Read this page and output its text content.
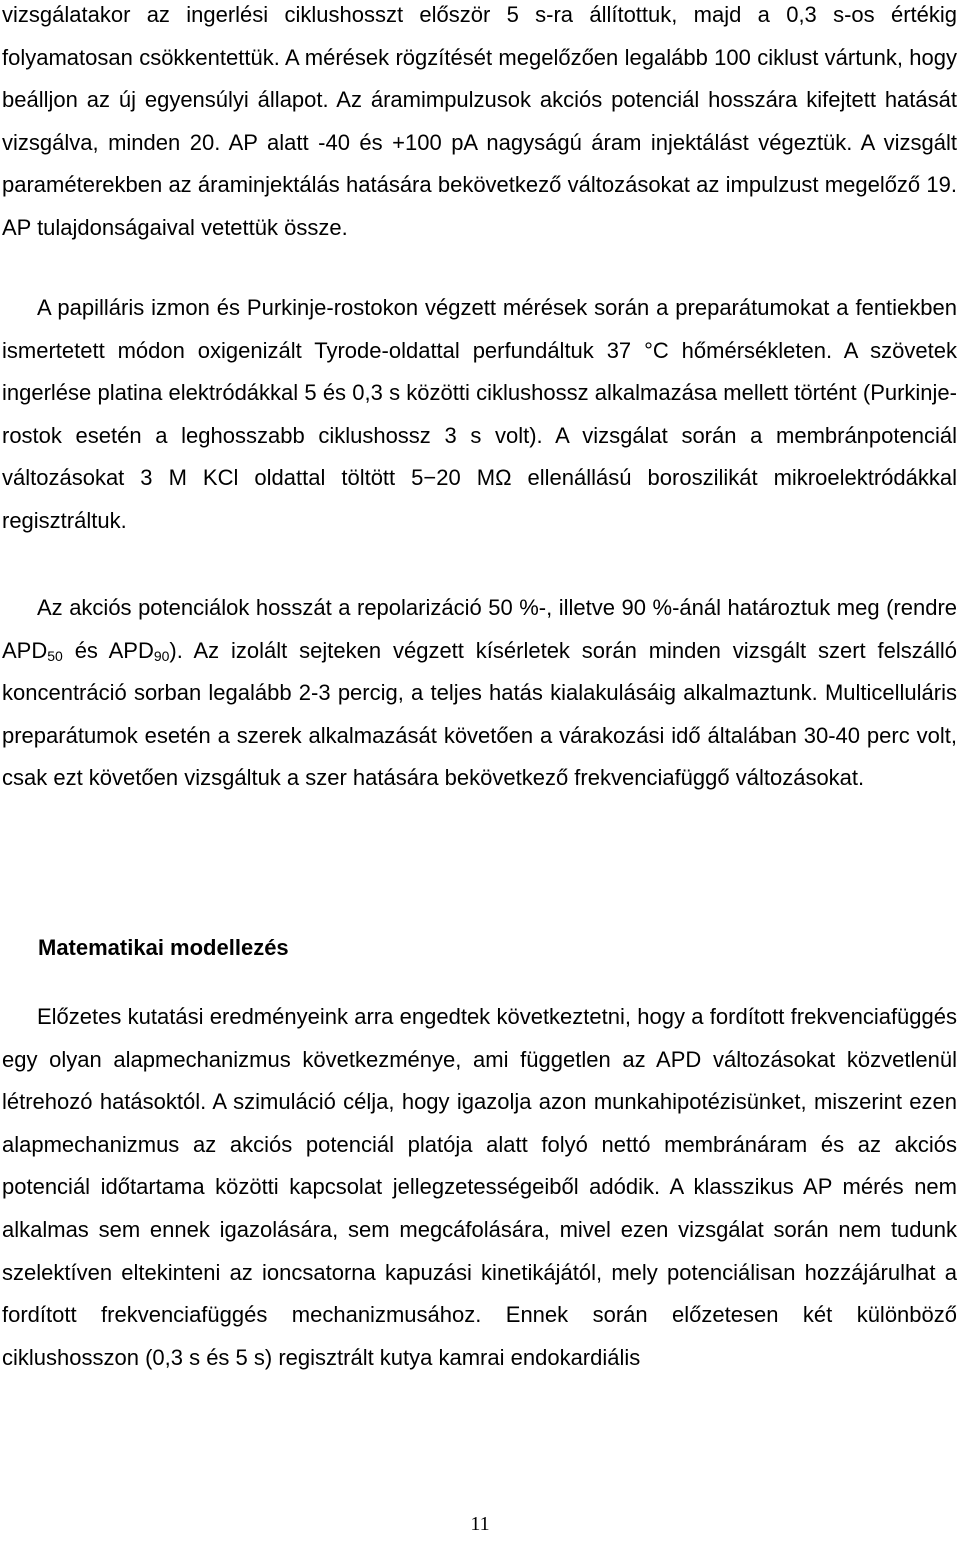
vizsgálatakor az ingerlési ciklushosszt először 5 s-ra állítottuk, majd a 0,3 s-os értékig folyamatosan csökkentettük. A mérések rögzítését megelőzően legalább 100 ciklust vártunk, hogy beálljon az új egyensúlyi állapot. Az áramimpulzusok akciós potenciál hosszára kifejtett hatását vizsgálva, minden 20. AP alatt -40 és +100 pA nagyságú áram injektálást végeztük. A vizsgált paraméterekben az áraminjektálás hatására bekövetkező változásokat az impulzust megelőző 19. AP tulajdonságaival vetettük össze.

A papilláris izmon és Purkinje-rostokon végzett mérések során a preparátumokat a fentiekben ismertetett módon oxigenizált Tyrode-oldattal perfundáltuk 37 °C hőmérsékleten. A szövetek ingerlése platina elektródákkal 5 és 0,3 s közötti ciklushossz alkalmazása mellett történt (Purkinje-rostok esetén a leghosszabb ciklushossz 3 s volt). A vizsgálat során a membránpotenciál változásokat 3 M KCl oldattal töltött 5−20 MΩ ellenállású boroszilikát mikroelektródákkal regisztráltuk.

Az akciós potenciálok hosszát a repolarizáció 50 %-, illetve 90 %-ánál határoztuk meg (rendre $APD_{50}$ és $APD_{90}$). Az izolált sejteken végzett kísérletek során minden vizsgált szert felszálló koncentráció sorban legalább 2-3 percig, a teljes hatás kialakulásáig alkalmaztunk. Multicelluláris preparátumok esetén a szerek alkalmazását követően a várakozási idő általában 30-40 perc volt, csak ezt követően vizsgáltuk a szer hatására bekövetkező frekvenciafüggő változásokat.

Matematikai modellezés

Előzetes kutatási eredményeink arra engedtek következtetni, hogy a fordított frekvenciafüggés egy olyan alapmechanizmus következménye, ami független az APD változásokat közvetlenül létrehozó hatásoktól. A szimuláció célja, hogy igazolja azon munkahipotézisünket, miszerint ezen alapmechanizmus az akciós potenciál platója alatt folyó nettó membránáram és az akciós potenciál időtartama közötti kapcsolat jellegzetességeiből adódik. A klasszikus AP mérés nem alkalmas sem ennek igazolására, sem megcáfolására, mivel ezen vizsgálat során nem tudunk szelektíven eltekinteni az ioncsatorna kapuzási kinetikájától, mely potenciálisan hozzájárulhat a fordított frekvenciafüggés mechanizmusához. Ennek során előzetesen két különböző ciklushosszon (0,3 s és 5 s) regisztrált kutya kamrai endokardiális

11
